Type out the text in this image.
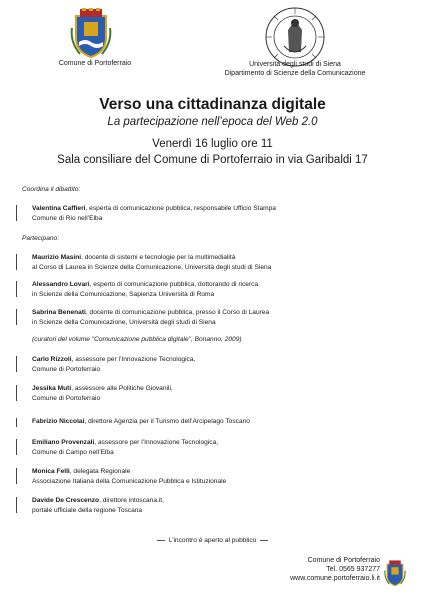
Comune di Portoferraio	Università degli studi di Siena
Dipartimento di Scienze della Comunicazione
Verso una cittadinanza digitale
La partecipazione nell’epoca del Web 2.0
Venerdì 16 luglio ore 11
Sala consiliare del Comune di Portoferraio in via Garibaldi 17
Coordina il dibattito:
Valentina Caffieri, esperta di comunicazione pubblica, responsabile Ufficio Stampa
Comune di Rio nell’Elba
Partecipano:
Maurizio Masini, docente di sistemi e tecnologie per la multimedialità
al Corso di Laurea in Scienze della Comunicazione, Università degli studi di Siena
Alessandro Lovari, esperto di comunicazione pubblica, dottorando di ricerca
in Scienze della Comunicazione, Sapienza Università di Roma
Sabrina Benenati, docente di comunicazione pubblica, presso il Corso di Laurea
in Scienze della Comunicazione, Università degli studi di Siena
(curatori del volume "Comunicazione pubblica digitale", Bonanno, 2009)
Carlo Rizzoli, assessore per l’Innovazione Tecnologica,
Comune di Portoferraio
Jessika Muti, assessore alle Politiche Giovanili,
Comune di Portoferraio
Fabrizio Niccolai, direttore Agenzia per il Turismo dell’Arcipelago Toscano
Emiliano Provenzali, assessore per l’Innovazione Tecnologica,
Comune di Campo nell’Elba
Monica Felli, delegata Regionale
Associazione Italiana della Comunicazione Pubblica e Istituzionale
Davide De Crescenzo, direttore intoscana.it,
portale ufficiale della regione Toscana
L’incontro è aperto al pubblico
Comune di Portoferraio
Tel. 0565 937277
www.comune.portoferraio.li.it
